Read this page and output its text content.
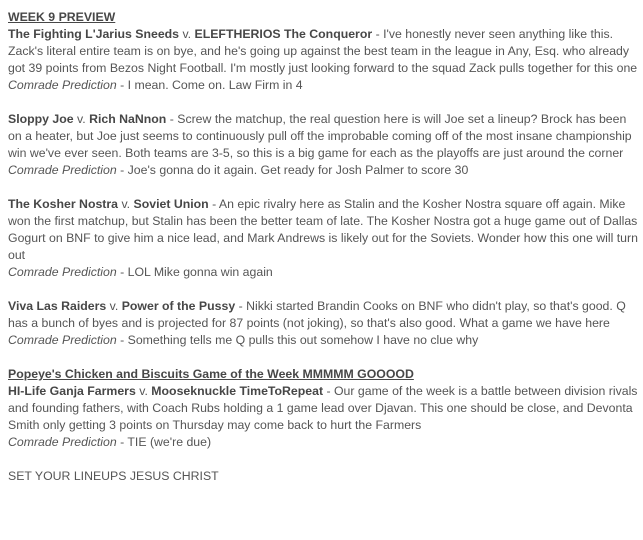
WEEK 9 PREVIEW

The Fighting L'Jarius Sneeds v. ELEFTHERIOS The Conqueror - I've honestly never seen anything like this. Zack's literal entire team is on bye, and he's going up against the best team in the league in Any, Esq. who already got 39 points from Bezos Night Football. I'm mostly just looking forward to the squad Zack pulls together for this one

Comrade Prediction - I mean. Come on. Law Firm in 4

Sloppy Joe v. Rich NaNnon - Screw the matchup, the real question here is will Joe set a lineup? Brock has been on a heater, but Joe just seems to continuously pull off the improbable coming off of the most insane championship win we've ever seen. Both teams are 3-5, so this is a big game for each as the playoffs are just around the corner

Comrade Prediction - Joe's gonna do it again. Get ready for Josh Palmer to score 30

The Kosher Nostra v. Soviet Union - An epic rivalry here as Stalin and the Kosher Nostra square off again. Mike won the first matchup, but Stalin has been the better team of late. The Kosher Nostra got a huge game out of Dallas Gogurt on BNF to give him a nice lead, and Mark Andrews is likely out for the Soviets. Wonder how this one will turn out

Comrade Prediction - LOL Mike gonna win again

Viva Las Raiders v. Power of the Pussy - Nikki started Brandin Cooks on BNF who didn't play, so that's good. Q has a bunch of byes and is projected for 87 points (not joking), so that's also good. What a game we have here

Comrade Prediction - Something tells me Q pulls this out somehow I have no clue why

Popeye's Chicken and Biscuits Game of the Week MMMMM GOOOOD

HI-Life Ganja Farmers v. Mooseknuckle TimeToRepeat - Our game of the week is a battle between division rivals and founding fathers, with Coach Rubs holding a 1 game lead over Djavan. This one should be close, and Devonta Smith only getting 3 points on Thursday may come back to hurt the Farmers

Comrade Prediction - TIE (we're due)

SET YOUR LINEUPS JESUS CHRIST
